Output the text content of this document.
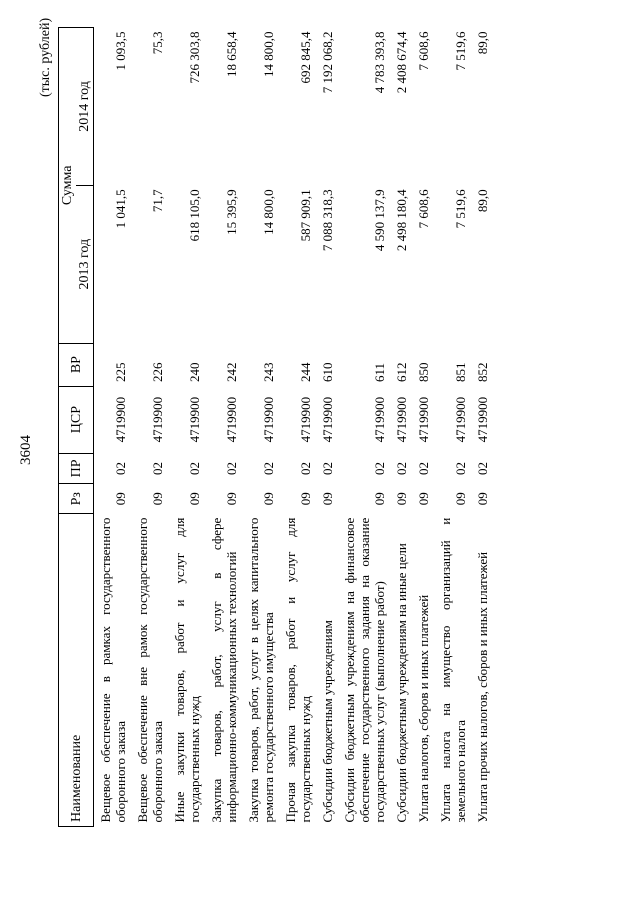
3604
(тыс. рублей)
Наименование	Рз	ПР	ЦСР	ВР	Сумма	
					2013 год	2014 год
Вещевое обеспечение в рамках государственного оборонного заказа	09	02	4719900	225	1 041,5	1 093,5
Вещевое обеспечение вне рамок государственного оборонного заказа	09	02	4719900	226	71,7	75,3
Иные закупки товаров, работ и услуг для государственных нужд	09	02	4719900	240	618 105,0	726 303,8
Закупка товаров, работ, услуг в сфере информационно-коммуникационных технологий	09	02	4719900	242	15 395,9	18 658,4
Закупка товаров, работ, услуг в целях капитального ремонта государственного имущества	09	02	4719900	243	14 800,0	14 800,0
Прочая закупка товаров, работ и услуг для государственных нужд	09	02	4719900	244	587 909,1	692 845,4
Субсидии бюджетным учреждениям	09	02	4719900	610	7 088 318,3	7 192 068,2
Субсидии бюджетным учреждениям на финансовое обеспечение государственного задания на оказание государственных услуг (выполнение работ)	09	02	4719900	611	4 590 137,9	4 783 393,8
Субсидии бюджетным учреждениям на иные цели	09	02	4719900	612	2 498 180,4	2 408 674,4
Уплата налогов, сборов и иных платежей	09	02	4719900	850	7 608,6	7 608,6
Уплата налога на имущество организаций и земельного налога	09	02	4719900	851	7 519,6	7 519,6
Уплата прочих налогов, сборов и иных платежей	09	02	4719900	852	89,0	89,0
